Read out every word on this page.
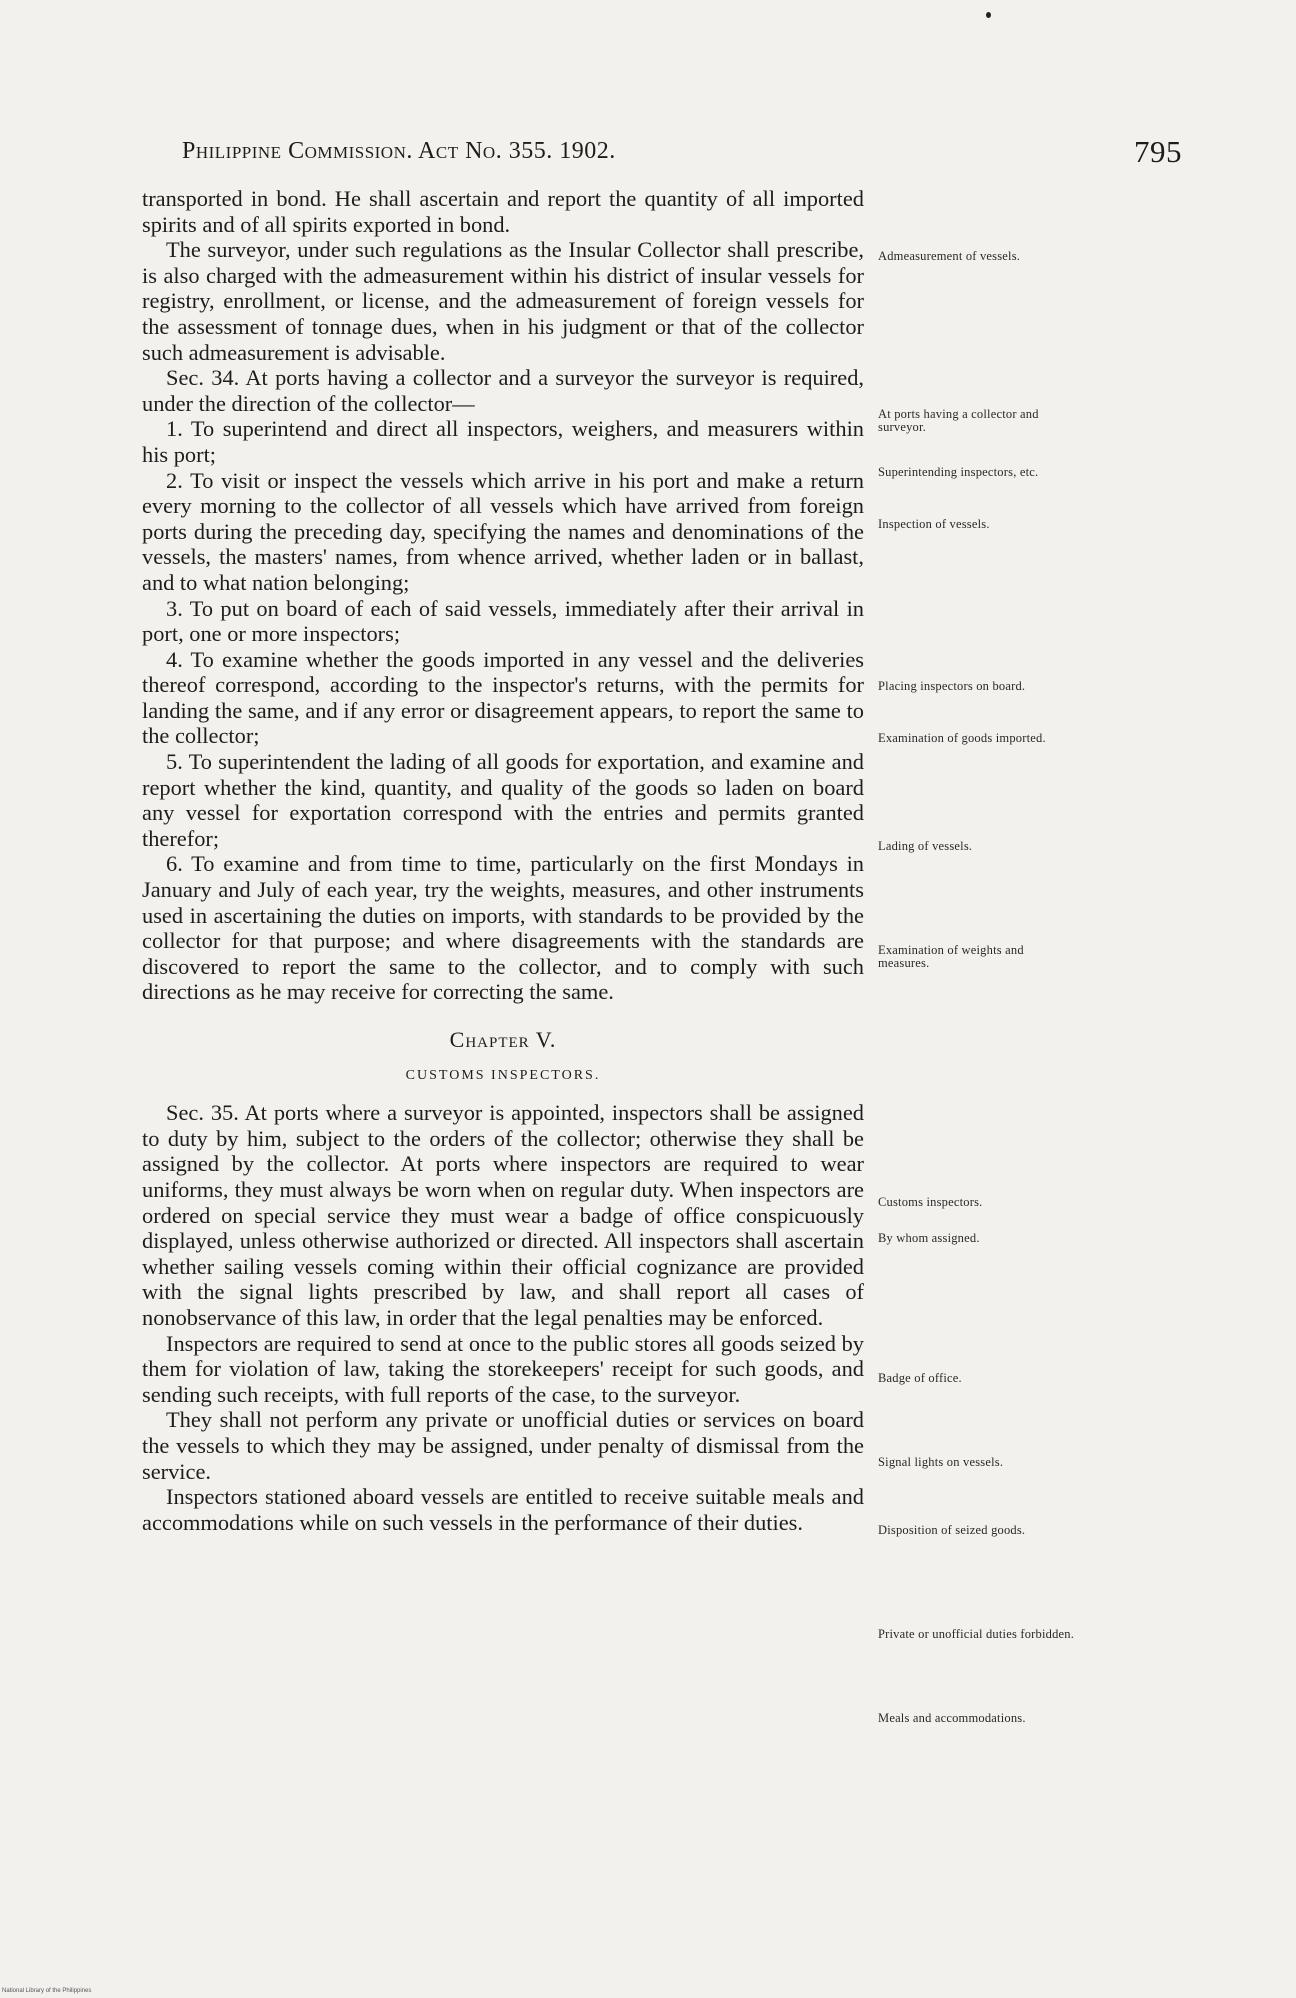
Philippine Commission. Act No. 355. 1902.	795

transported in bond. He shall ascertain and report the quantity of all imported spirits and of all spirits exported in bond.

The surveyor, under such regulations as the Insular Collector shall prescribe, is also charged with the admeasurement within his district of insular vessels for registry, enrollment, or license, and the admeasurement of foreign vessels for the assessment of tonnage dues, when in his judgment or that of the collector such admeasurement is advisable.

Sec. 34. At ports having a collector and a surveyor the surveyor is required, under the direction of the collector—

1. To superintend and direct all inspectors, weighers, and measurers within his port;

2. To visit or inspect the vessels which arrive in his port and make a return every morning to the collector of all vessels which have arrived from foreign ports during the preceding day, specifying the names and denominations of the vessels, the masters' names, from whence arrived, whether laden or in ballast, and to what nation belonging;

3. To put on board of each of said vessels, immediately after their arrival in port, one or more inspectors;

4. To examine whether the goods imported in any vessel and the deliveries thereof correspond, according to the inspector's returns, with the permits for landing the same, and if any error or disagreement appears, to report the same to the collector;

5. To superintendent the lading of all goods for exportation, and examine and report whether the kind, quantity, and quality of the goods so laden on board any vessel for exportation correspond with the entries and permits granted therefor;

6. To examine and from time to time, particularly on the first Mondays in January and July of each year, try the weights, measures, and other instruments used in ascertaining the duties on imports, with standards to be provided by the collector for that purpose; and where disagreements with the standards are discovered to report the same to the collector, and to comply with such directions as he may receive for correcting the same.

Chapter V.
CUSTOMS INSPECTORS.

Sec. 35. At ports where a surveyor is appointed, inspectors shall be assigned to duty by him, subject to the orders of the collector; otherwise they shall be assigned by the collector. At ports where inspectors are required to wear uniforms, they must always be worn when on regular duty. When inspectors are ordered on special service they must wear a badge of office conspicuously displayed, unless otherwise authorized or directed. All inspectors shall ascertain whether sailing vessels coming within their official cognizance are provided with the signal lights prescribed by law, and shall report all cases of nonobservance of this law, in order that the legal penalties may be enforced.

Inspectors are required to send at once to the public stores all goods seized by them for violation of law, taking the storekeepers' receipt for such goods, and sending such receipts, with full reports of the case, to the surveyor.

They shall not perform any private or unofficial duties or services on board the vessels to which they may be assigned, under penalty of dismissal from the service.

Inspectors stationed aboard vessels are entitled to receive suitable meals and accommodations while on such vessels in the performance of their duties.

Admeasurement of vessels.
At ports having a collector and surveyor.
Superintending inspectors, etc.
Inspection of vessels.
Placing inspectors on board.
Examination of goods imported.
Lading of vessels.
Examination of weights and measures.
Customs inspectors.
By whom assigned.
Badge of office.
Signal lights on vessels.
Disposition of seized goods.
Private or unofficial duties forbidden.
Meals and accommodations.
National Library of the Philippines
